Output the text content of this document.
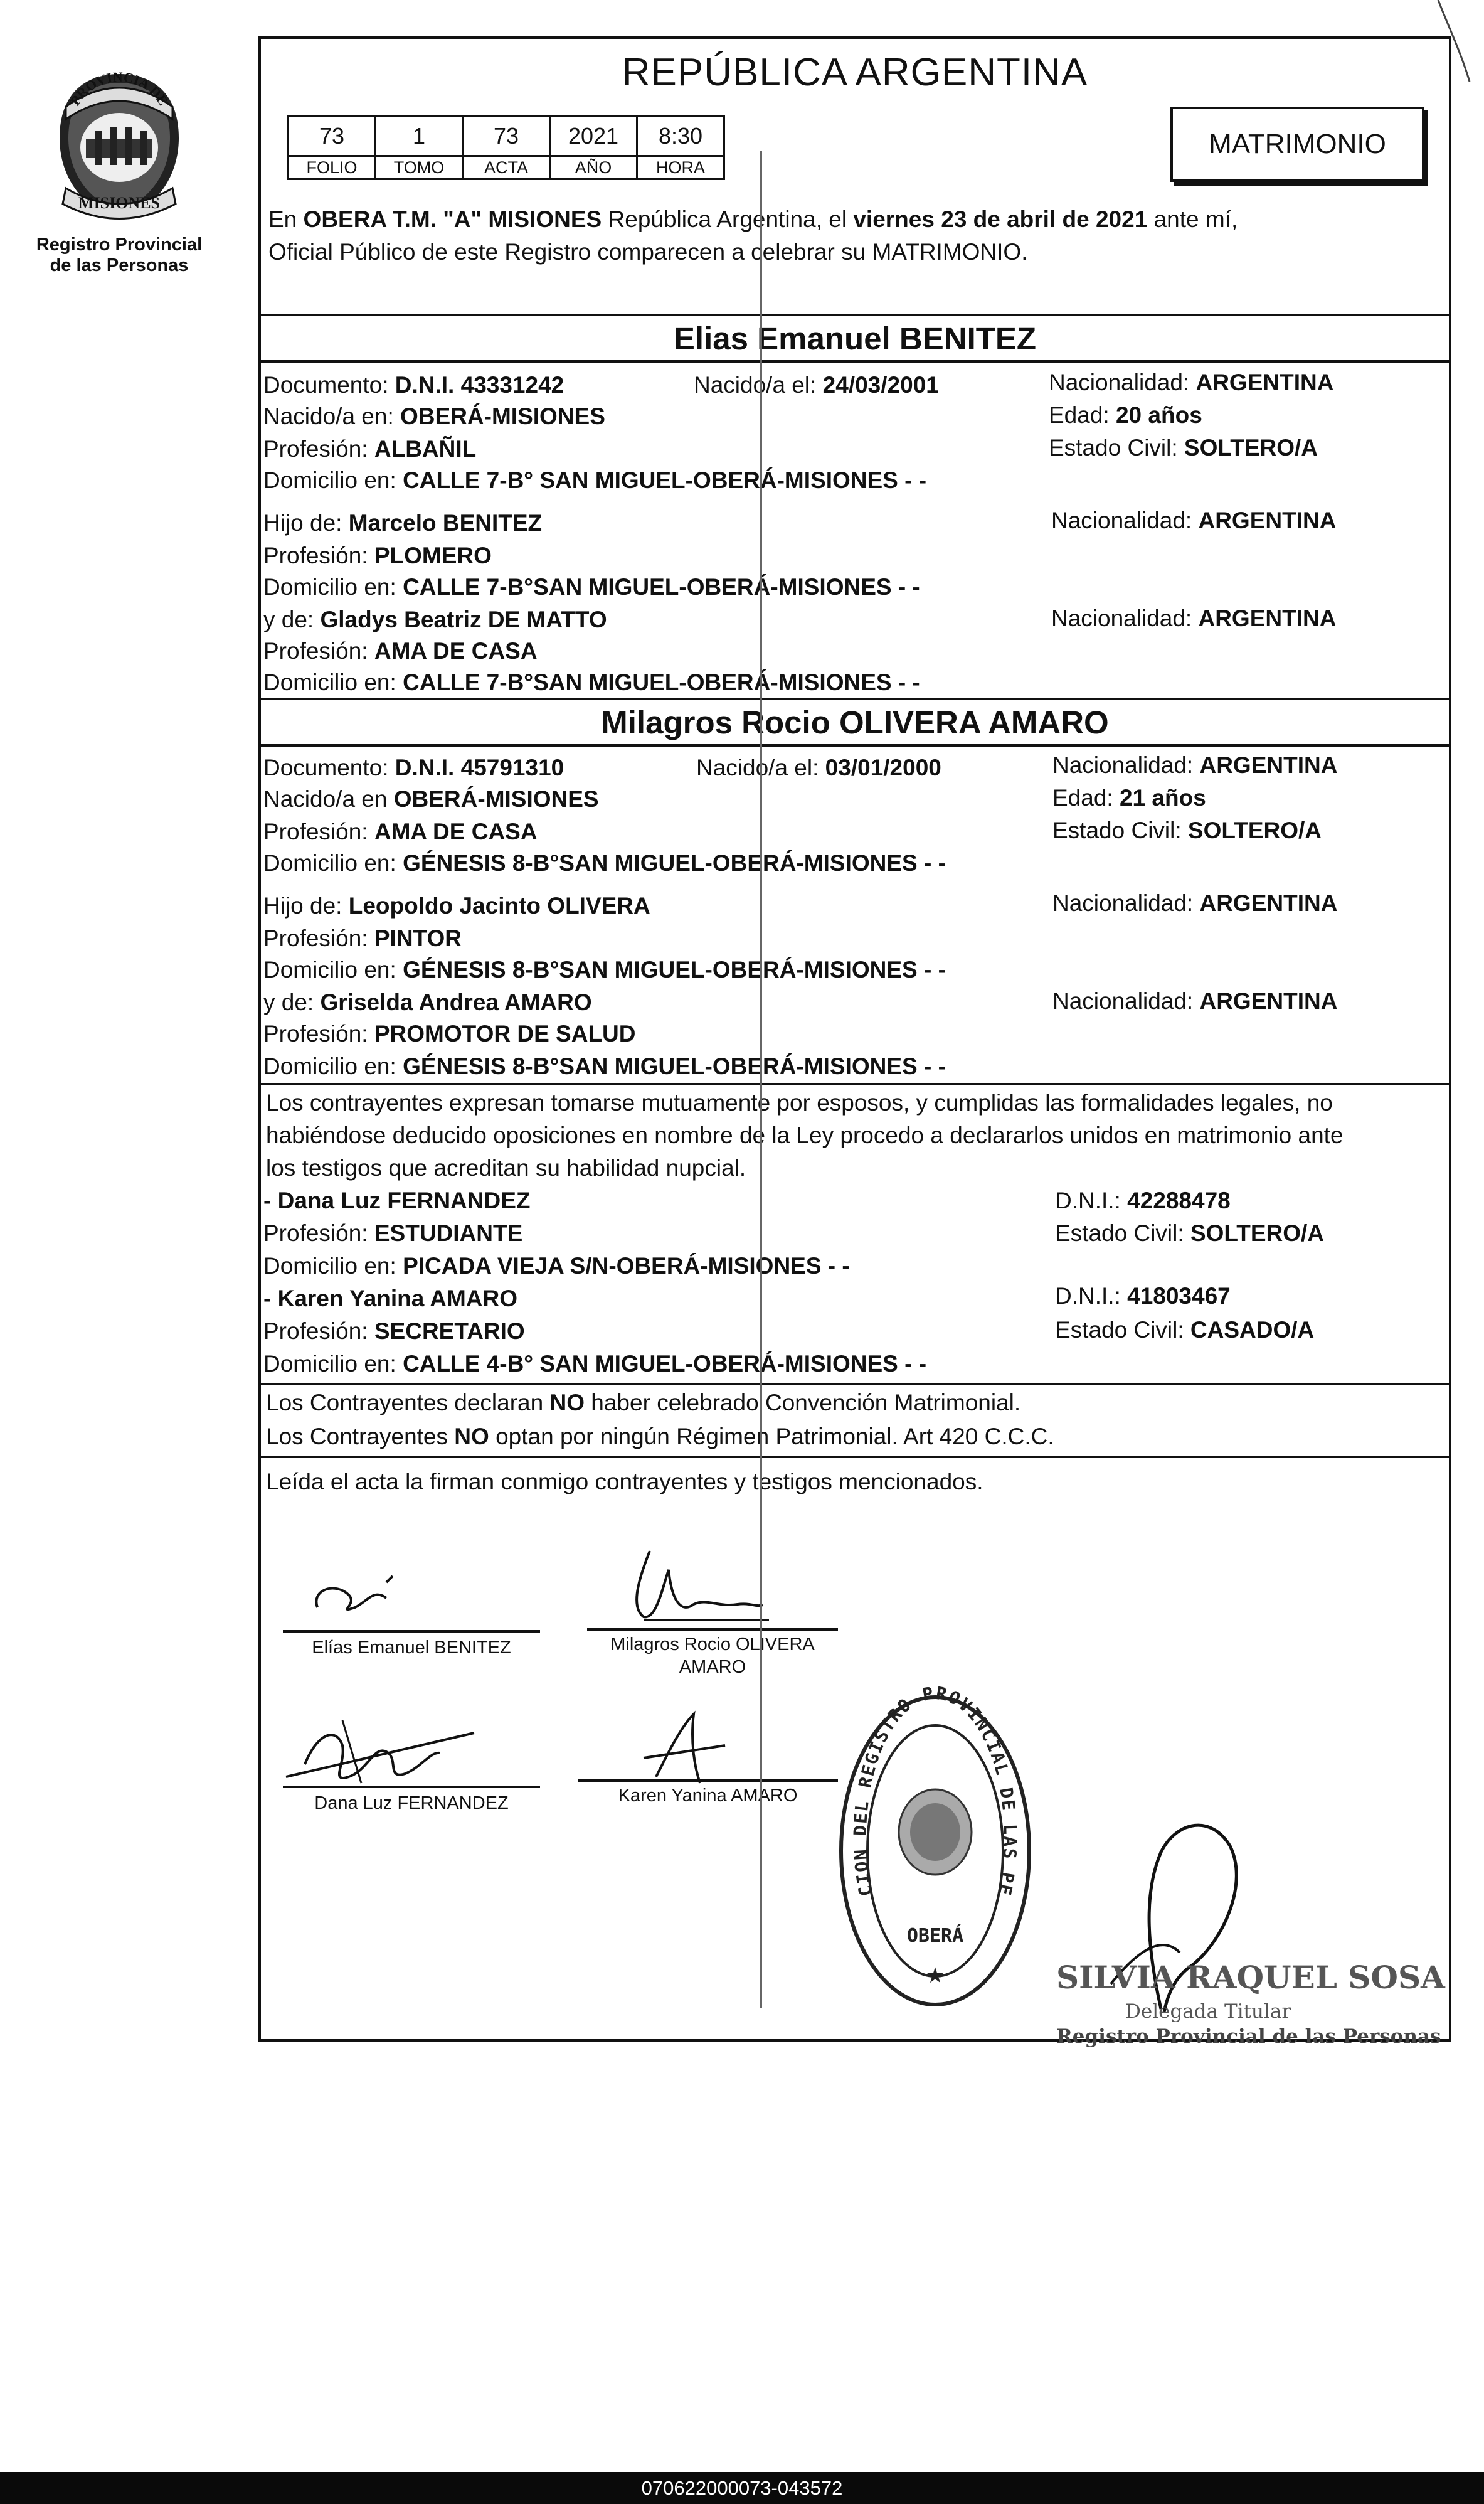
PROVINCIA DE
MISIONES
Registro Provincial
de las Personas
REPÚBLICA ARGENTINA
73	1	73	2021	8:30
FOLIO	TOMO	ACTA	AÑO	HORA
MATRIMONIO
En OBERA T.M. "A" MISIONES República Argentina, el viernes 23 de abril de 2021 ante mí,
Oficial Público de este Registro comparecen a celebrar su MATRIMONIO.
Elias Emanuel BENITEZ
Documento: D.N.I. 43331242	Nacido/a el: 24/03/2001	Nacionalidad: ARGENTINA
Nacido/a en: OBERÁ-MISIONES	Edad: 20 años
Profesión: ALBAÑIL	Estado Civil: SOLTERO/A
Domicilio en: CALLE 7-B° SAN MIGUEL-OBERÁ-MISIONES - -
Hijo de: Marcelo BENITEZ	Nacionalidad: ARGENTINA
Profesión: PLOMERO
Domicilio en: CALLE 7-B°SAN MIGUEL-OBERÁ-MISIONES - -
y de: Gladys Beatriz DE MATTO	Nacionalidad: ARGENTINA
Profesión: AMA DE CASA
Domicilio en: CALLE 7-B°SAN MIGUEL-OBERÁ-MISIONES - -
Milagros Rocio OLIVERA AMARO
Documento: D.N.I. 45791310	Nacido/a el: 03/01/2000	Nacionalidad: ARGENTINA
Nacido/a en OBERÁ-MISIONES	Edad: 21 años
Profesión: AMA DE CASA	Estado Civil: SOLTERO/A
Domicilio en: GÉNESIS 8-B°SAN MIGUEL-OBERÁ-MISIONES - -
Hijo de: Leopoldo Jacinto OLIVERA	Nacionalidad: ARGENTINA
Profesión: PINTOR
Domicilio en: GÉNESIS 8-B°SAN MIGUEL-OBERÁ-MISIONES - -
y de: Griselda Andrea AMARO	Nacionalidad: ARGENTINA
Profesión: PROMOTOR DE SALUD
Domicilio en: GÉNESIS 8-B°SAN MIGUEL-OBERÁ-MISIONES - -
Los contrayentes expresan tomarse mutuamente por esposos, y cumplidas las formalidades legales, no
habiéndose deducido oposiciones en nombre de la Ley procedo a declararlos unidos en matrimonio ante
los testigos que acreditan su habilidad nupcial.
- Dana Luz FERNANDEZ	D.N.I.: 42288478
Profesión: ESTUDIANTE	Estado Civil: SOLTERO/A
Domicilio en: PICADA VIEJA S/N-OBERÁ-MISIONES - -
- Karen Yanina AMARO	D.N.I.: 41803467
Profesión: SECRETARIO	Estado Civil: CASADO/A
Domicilio en: CALLE 4-B° SAN MIGUEL-OBERÁ-MISIONES - -
Los Contrayentes declaran NO haber celebrado Convención Matrimonial.
Los Contrayentes NO optan por ningún Régimen Patrimonial. Art 420 C.C.C.
Leída el acta la firman conmigo contrayentes y testigos mencionados.
Elías Emanuel BENITEZ	Milagros Rocio OLIVERA
AMARO
Dana Luz FERNANDEZ	Karen Yanina AMARO
DELEGACION DEL REGISTRO PROVINCIAL DE LAS PERSONAS
OBERÁ
★	SILVIA RAQUEL SOSA
Delegada Titular
Registro Provincial de las Personas
070622000073-043572
